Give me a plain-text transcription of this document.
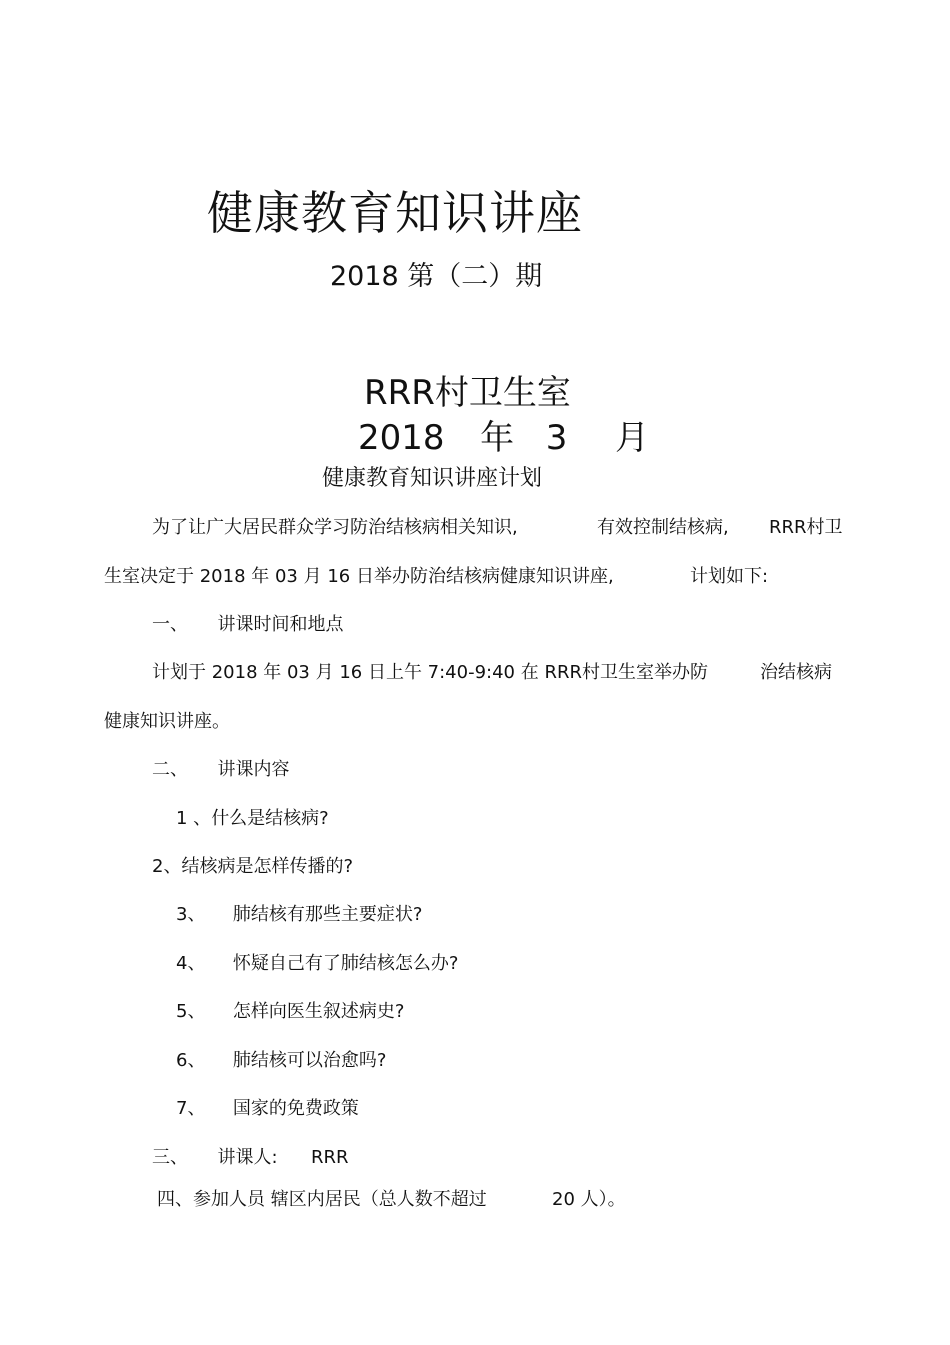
健康教育知识讲座
2018 第（二）期
RRR村卫生室
2018 年 3 月
健康教育知识讲座计划
为了让广大居民群众学习防治结核病相关知识,	有效控制结核病, RRR村卫
生室决定于 2018 年 03 月 16 日举办防治结核病健康知识讲座,	计划如下:
一、 讲课时间和地点
计划于 2018 年 03 月 16 日上午 7:40-9:40 在 RRR村卫生室举办防	治结核病
健康知识讲座。
二、 讲课内容
1 、什么是结核病?
2、结核病是怎样传播的?
3、 肺结核有那些主要症状?
4、 怀疑自己有了肺结核怎么办?
5、 怎样向医生叙述病史?
6、 肺结核可以治愈吗?
7、 国家的免费政策
三、 讲课人: RRR
四、参加人员 辖区内居民（总人数不超过	20 人）。
